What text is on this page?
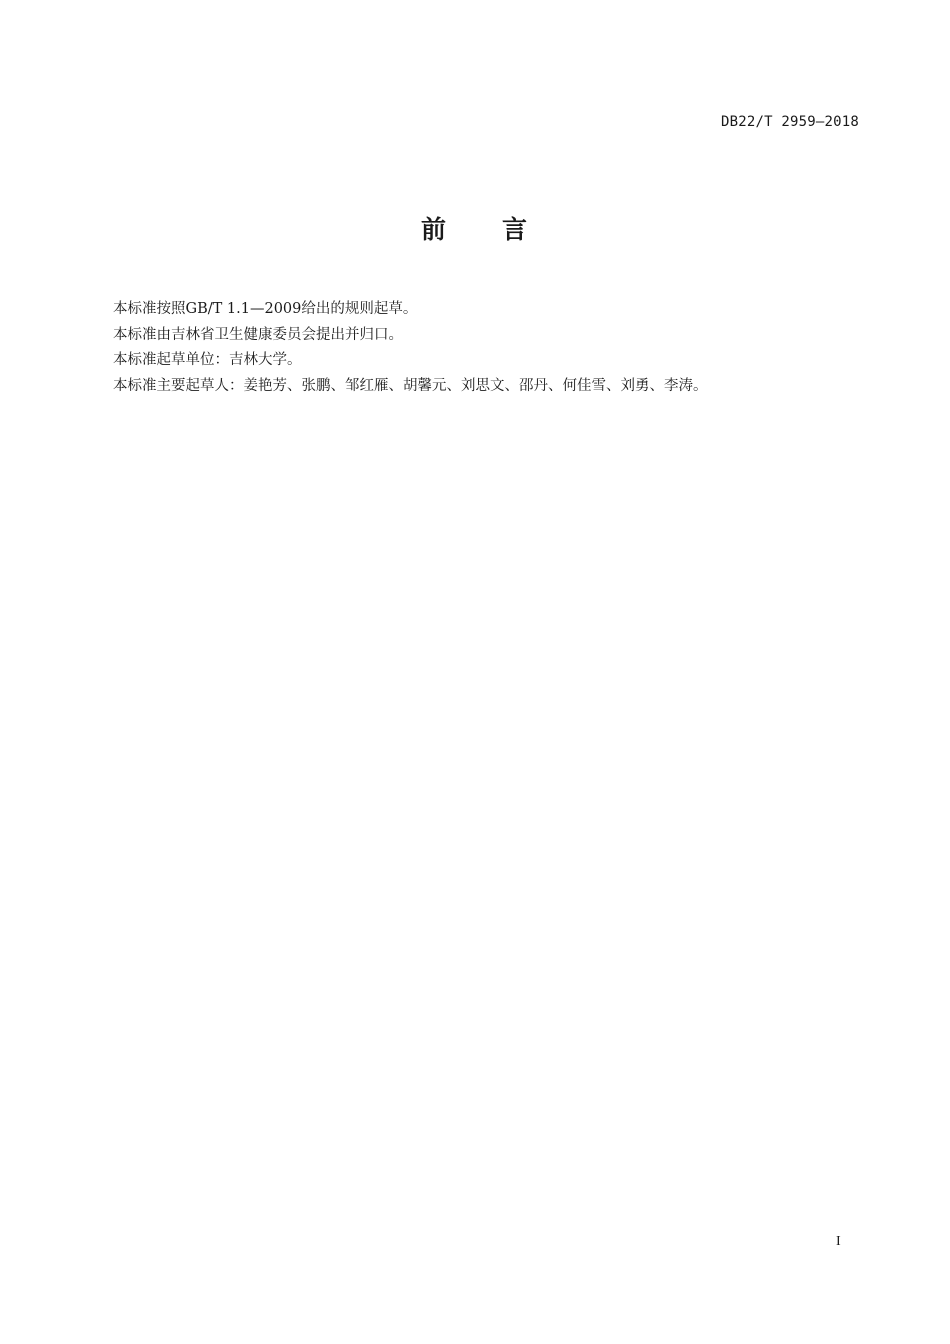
DB22/T 2959—2018
前 言
本标准按照GB/T 1.1—2009给出的规则起草。
本标准由吉林省卫生健康委员会提出并归口。
本标准起草单位：吉林大学。
本标准主要起草人：姜艳芳、张鹏、邹红雁、胡馨元、刘思文、邵丹、何佳雪、刘勇、李涛。
I
